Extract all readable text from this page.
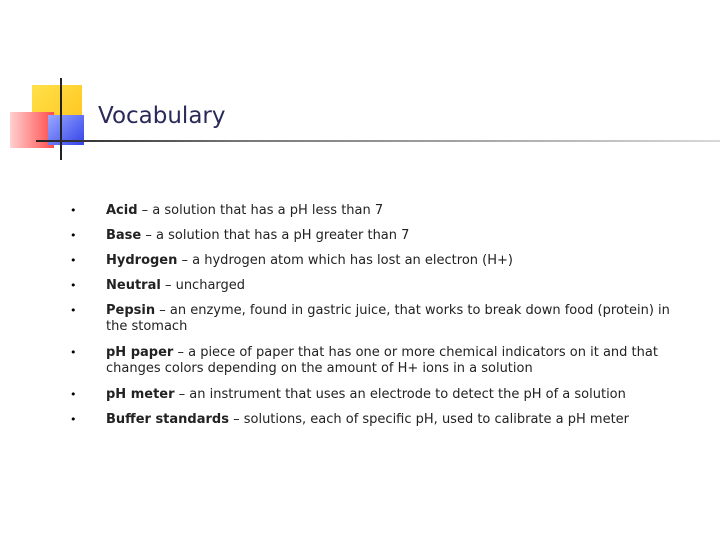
Vocabulary
• Acid – a solution that has a pH less than 7
• Base – a solution that has a pH greater than 7
• Hydrogen – a hydrogen atom which has lost an electron (H+)
• Neutral – uncharged
• Pepsin – an enzyme, found in gastric juice, that works to break down food (protein) in the stomach
• pH paper – a piece of paper that has one or more chemical indicators on it and that changes colors depending on the amount of H+ ions in a solution
• pH meter – an instrument that uses an electrode to detect the pH of a solution
• Buffer standards – solutions, each of specific pH, used to calibrate a pH meter
